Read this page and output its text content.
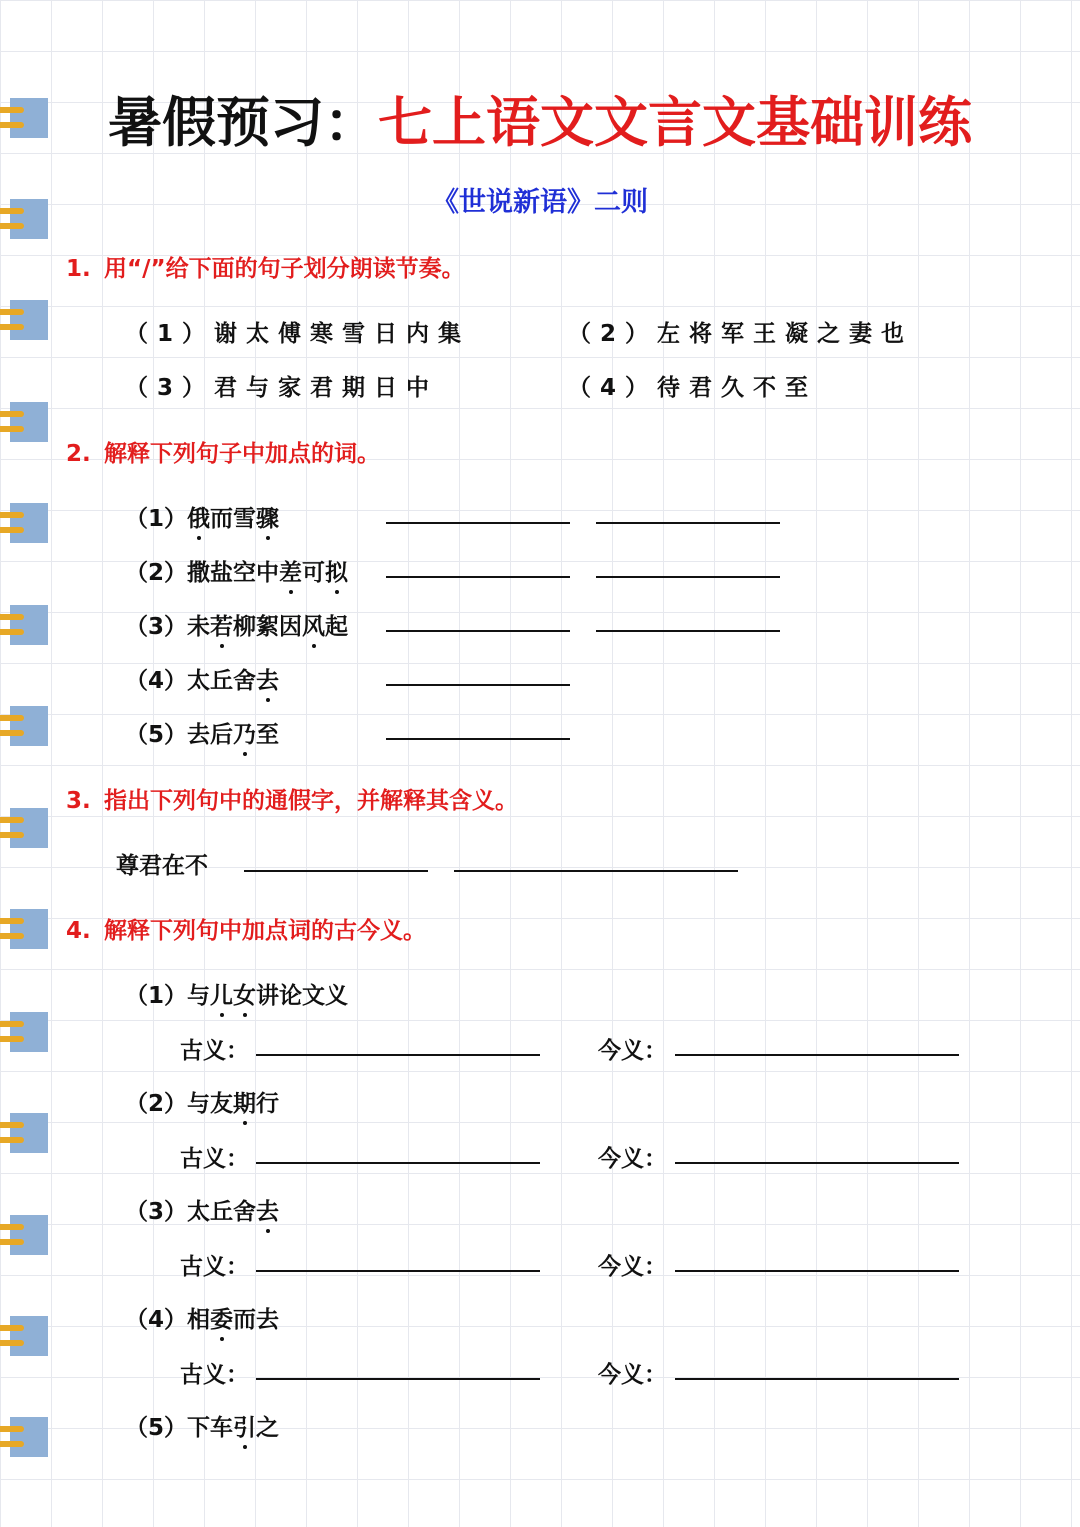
暑假预习：七上语文文言文基础训练
《世说新语》二则
1. 用“/”给下面的句子划分朗读节奏。
（1）谢太傅寒雪日内集	（2）左将军王凝之妻也
（3）君与家君期日中	（4）待君久不至
2. 解释下列句子中加点的词。
（1）俄而雪骤
（2）撒盐空中差可拟
（3）未若柳絮因风起
（4）太丘舍去
（5）去后乃至
3. 指出下列句中的通假字，并解释其含义。
尊君在不
4. 解释下列句中加点词的古今义。
（1）与儿女讲论文义
古义：	今义：
（2）与友期行
古义：	今义：
（3）太丘舍去
古义：	今义：
（4）相委而去
古义：	今义：
（5）下车引之
